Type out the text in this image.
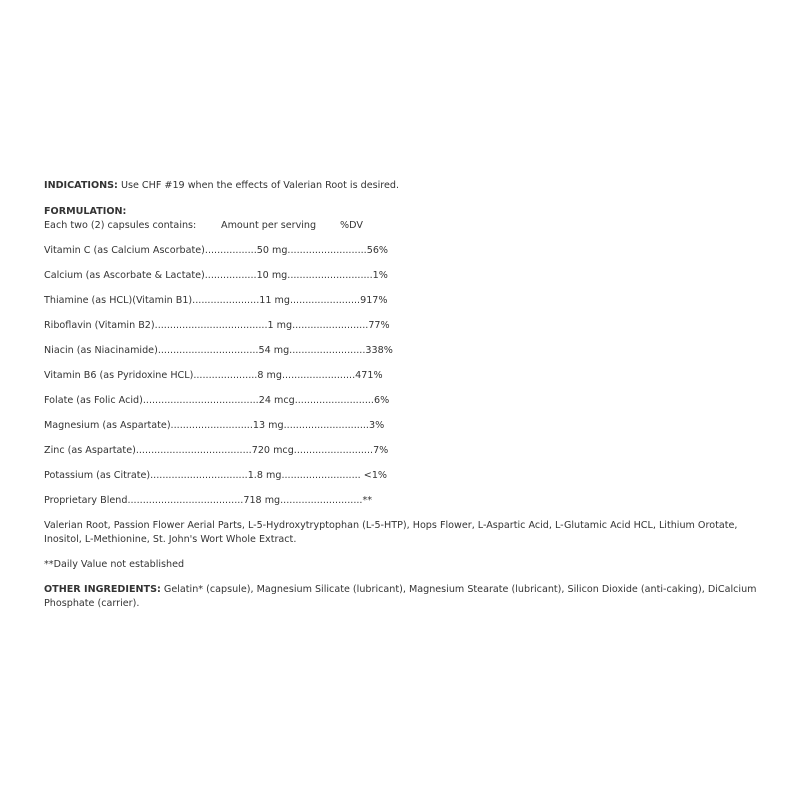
INDICATIONS: Use CHF #19 when the effects of Valerian Root is desired.

FORMULATION:

Each two (2) capsules contains:	Amount per serving %DV

Vitamin C (as Calcium Ascorbate).................50 mg..........................56%

Calcium (as Ascorbate & Lactate).................10 mg............................1%

Thiamine (as HCL)(Vitamin B1)......................11 mg.......................917%

Riboflavin (Vitamin B2).....................................1 mg.........................77%

Niacin (as Niacinamide).................................54 mg.........................338%

Vitamin B6 (as Pyridoxine HCL).....................8 mg........................471%

Folate (as Folic Acid)......................................24 mcg..........................6%

Magnesium (as Aspartate)...........................13 mg............................3%

Zinc (as Aspartate)......................................720 mcg..........................7%

Potassium (as Citrate)................................1.8 mg.......................... <1%

Proprietary Blend......................................718 mg...........................**

Valerian Root, Passion Flower Aerial Parts, L-5-Hydroxytryptophan (L-5-HTP), Hops Flower, L-Aspartic Acid, L-Glutamic Acid HCL, Lithium Orotate, Inositol, L-Methionine, St. John's Wort Whole Extract.

**Daily Value not established

OTHER INGREDIENTS: Gelatin* (capsule), Magnesium Silicate (lubricant), Magnesium Stearate (lubricant), Silicon Dioxide (anti-caking), DiCalcium Phosphate (carrier).
